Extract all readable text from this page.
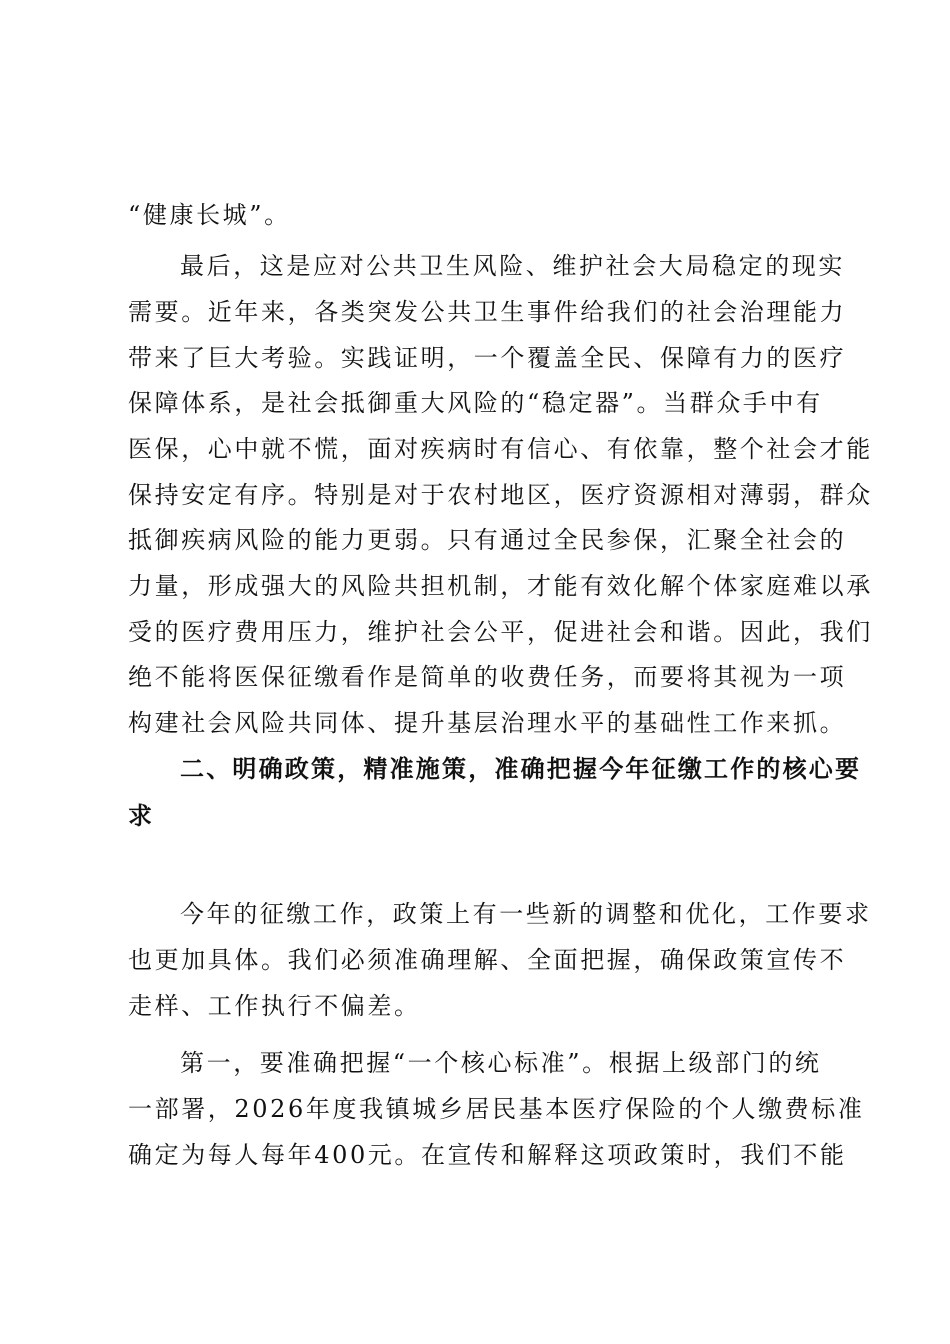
“健康长城”。
最后，这是应对公共卫生风险、维护社会大局稳定的现实
需要。近年来，各类突发公共卫生事件给我们的社会治理能力
带来了巨大考验。实践证明，一个覆盖全民、保障有力的医疗
保障体系，是社会抵御重大风险的“稳定器”。当群众手中有
医保，心中就不慌，面对疾病时有信心、有依靠，整个社会才能
保持安定有序。特别是对于农村地区，医疗资源相对薄弱，群众
抵御疾病风险的能力更弱。只有通过全民参保，汇聚全社会的
力量，形成强大的风险共担机制，才能有效化解个体家庭难以承
受的医疗费用压力，维护社会公平，促进社会和谐。因此，我们
绝不能将医保征缴看作是简单的收费任务，而要将其视为一项
构建社会风险共同体、提升基层治理水平的基础性工作来抓。
二、明确政策，精准施策，准确把握今年征缴工作的核心要
求
今年的征缴工作，政策上有一些新的调整和优化，工作要求
也更加具体。我们必须准确理解、全面把握，确保政策宣传不
走样、工作执行不偏差。
第一，要准确把握“一个核心标准”。根据上级部门的统
一部署，2026年度我镇城乡居民基本医疗保险的个人缴费标准
确定为每人每年400元。在宣传和解释这项政策时，我们不能
